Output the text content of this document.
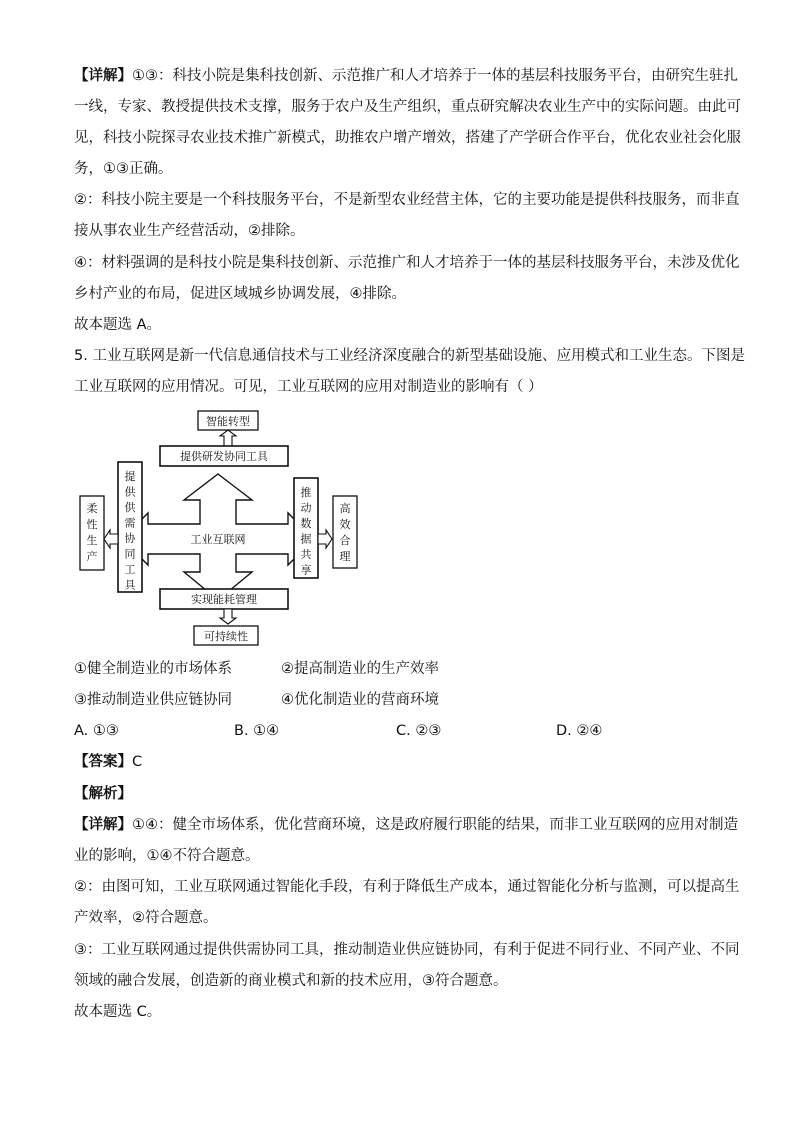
【详解】①③：科技小院是集科技创新、示范推广和人才培养于一体的基层科技服务平台，由研究生驻扎
一线，专家、教授提供技术支撑，服务于农户及生产组织，重点研究解决农业生产中的实际问题。由此可
见，科技小院探寻农业技术推广新模式，助推农户增产增效，搭建了产学研合作平台，优化农业社会化服
务，①③正确。
②：科技小院主要是一个科技服务平台，不是新型农业经营主体，它的主要功能是提供科技服务，而非直
接从事农业生产经营活动，②排除。
④：材料强调的是科技小院是集科技创新、示范推广和人才培养于一体的基层科技服务平台，未涉及优化
乡村产业的布局，促进区域城乡协调发展，④排除。
故本题选 A。
5. 工业互联网是新一代信息通信技术与工业经济深度融合的新型基础设施、应用模式和工业生态。下图是
工业互联网的应用情况。可见，工业互联网的应用对制造业的影响有（ ）
智能转型
提供研发协同工具
工业互联网
提
供
供
需
协
同
工
具
柔
性
生
产
推
动
数
据
共
享
高
效
合
理
实现能耗管理
可持续性
①健全制造业的市场体系	②提高制造业的生产效率
③推动制造业供应链协同	④优化制造业的营商环境
A. ①③	B. ①④	C. ②③	D. ②④
【答案】C
【解析】
【详解】①④：健全市场体系，优化营商环境，这是政府履行职能的结果，而非工业互联网的应用对制造
业的影响，①④不符合题意。
②：由图可知，工业互联网通过智能化手段，有利于降低生产成本，通过智能化分析与监测，可以提高生
产效率，②符合题意。
③：工业互联网通过提供供需协同工具，推动制造业供应链协同，有利于促进不同行业、不同产业、不同
领域的融合发展，创造新的商业模式和新的技术应用，③符合题意。
故本题选 C。
